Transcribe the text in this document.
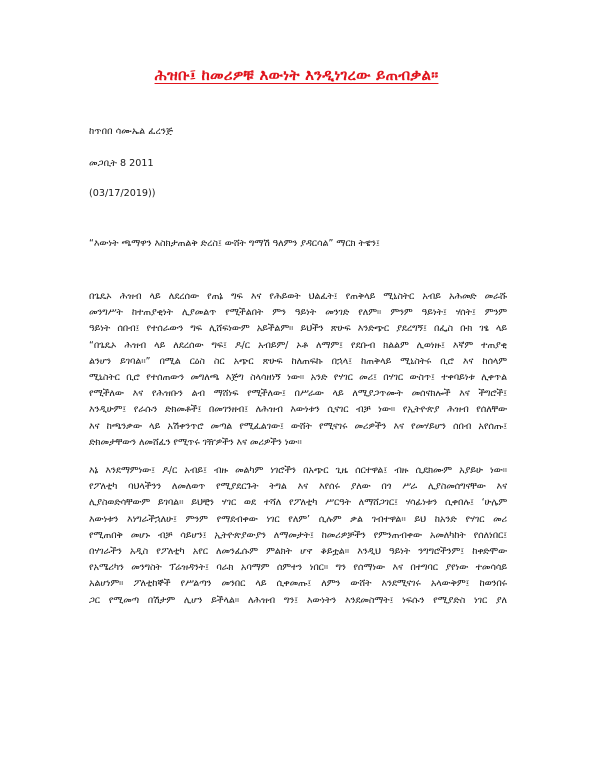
ሕዝቡ፤ ከመሪዎቹ እውነት እንዲነገረው ይጠብቃል።
ከጥበበ ሳሙኤል ፈረንጅ
መጋቢት 8 2011
(03/17/2019))
“እውነት ጫማዋን እስክታጠልቅ ድረስ፤ ውሸት ግማሽ ዓለምን ያዳርሳል” ማርክ ትዌን፤
በጌዴኦ ሕዝብ ላይ ለደረሰው የጠኔ ግፍ እና የሕይወት ህልፈት፤ የጠቅላይ ሚኒስትር አብይ አሕመድ መራሹ
መንግሥት ከተጠያቂነት ሊያመልጥ የሚችልበት ምን ዓይነት መንገድ የለም። ምንም ዓይነት፤ ሃሰት፤ ምንም
ዓይነት ሰበብ፤ የተሰራውን ግፍ ሊሸፍነውም አይችልም። ይህችን ጽሁፍ እንድጭር ያደረግኝ፤ በፌስ ቡክ ገፄ ላይ
“በጌዴኦ ሕዝብ ላይ ለደረሰው ግፍ፤ ዶ/ር አብይም/ ኦቶ ለማም፤ የደቡብ ክልልም ሊወነዙ፤ እኛም ተጠያቂ
ልንሆን ይገባል።” በሚል ርዕስ ስር አጭር ጽሁፍ ከለጠፍኩ በኋላ፤ ከጠቅላይ ሚኒስትሩ ቢሮ እና ከሰላም
ሚኒስትር ቢሮ የተሰጠውን መግለጫ እጅግ ስላሳዘነኝ ነው። አንድ የሃገር መሪ፤ በሃገር ውስጥ፤ ተቀባይነቱ ሊቀጥል
የሚችለው እና የሕዝቡን ልብ ማሸነፍ የሚችለው፤ በሥራው ላይ ለሚያጋጥሙት መሰናክሎች እና ችግሮች፤
እንዲሁም፤ የራሱን ድክመቶች፤ በመገንዘብ፤ ለሕዝብ እውነቱን ሲናገር ብቻ ነው። የኢትዮጵያ ሕዝብ የሰለቸው
እና ከጫንቃው ላይ አሽቀንጥሮ መጣል የሚፈልገው፤ ውሸት የሚናገሩ መሪዎችን እና የመሃይሆን ሰበብ አየሰጡ፤
ድክመታቸውን ለመሸፈን የሚጥሩ ገዥዎችን እና መሪዎችን ነው።
እኔ እንደማምነው፤ ዶ/ር አብይ፤ ብዙ መልካም ነገሮችን በአጭር ጊዜ ሰርተዋል፤ ብዙ ሲደክሙም አያይሁ ነው።
የፖለቲካ ባህላችንን ለመለወጥ የሚያደርጉት ትግል እና እየሰሩ ያለው በጎ ሥራ ሊያስመሰግናቸው እና
ሊያስወድሳቸውም ይገባል። ይህቺን ሃገር ወደ ተሻለ የፖለቲካ ሥርዓት ለማሸጋገር፤ ሃሳፊነቱን ሲቀበሉ፤ ‘ሁሌም
እውነቱን እነግራችኋለሁ፤ ምንም የማደብቀው ነገር የለም’ ሲሉም ቃል ገብተዋል። ይህ ከአንድ የሃገር መሪ
የሚጠበቅ መሆኑ ብቻ ሳይሆን፤ ኢትዮጵያውያን ለማመታት፤ ከመሪዎቻችን የምንጠብቀው አመለካከት የሰለነበር፤
በሃገራችን አዲስ የፖለቲካ አየር ለመንፈሱም ምልክት ሆኖ ቆይቷል። እንዲህ ዓይነት ንግግሮችንም፤ ከቀድሞው
የአሜሪካን መንግስት ፕሬዝዳንት፤ ባራክ አባማም ሰምተን ነበር። ግን የሰማነው እና በተግባር ያየነው ተመሳሳይ
አልሆነም። ፖለቲከኞች የሥልጣን መንበር ላይ ሲቀመጡ፤ ለምን ውሸት እንደሚናገሩ አላውቅም፤ ከወንበሩ
ጋር የሚመጣ በሽታም ሊሆን ይችላል። ለሕዝብ ግን፤ እውነትን እንደመስማት፤ ነፍሱን የሚያድስ ነገር ያለ
